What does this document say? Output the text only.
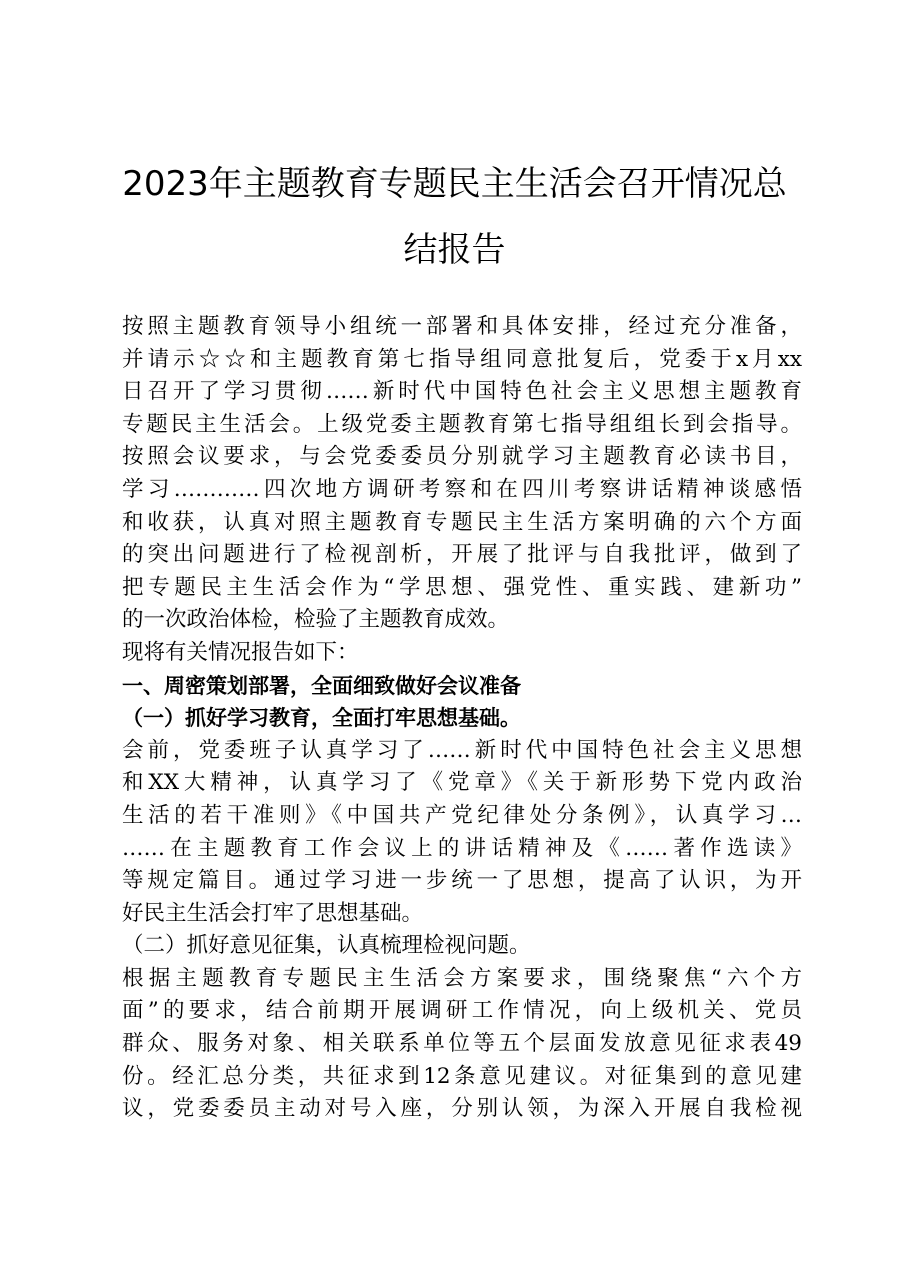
2023年主题教育专题民主生活会召开情况总
结报告
按照主题教育领导小组统一部署和具体安排，经过充分准备，
并请示☆☆和主题教育第七指导组同意批复后，党委于x月xx
日召开了学习贯彻……新时代中国特色社会主义思想主题教育
专题民主生活会。上级党委主题教育第七指导组组长到会指导。
按照会议要求，与会党委委员分别就学习主题教育必读书目，
学习…………四次地方调研考察和在四川考察讲话精神谈感悟
和收获，认真对照主题教育专题民主生活方案明确的六个方面
的突出问题进行了检视剖析，开展了批评与自我批评，做到了
把专题民主生活会作为“学思想、强党性、重实践、建新功”
的一次政治体检，检验了主题教育成效。
现将有关情况报告如下：
一、周密策划部署，全面细致做好会议准备
（一）抓好学习教育，全面打牢思想基础。
会前，党委班子认真学习了……新时代中国特色社会主义思想
和XX大精神，认真学习了《党章》《关于新形势下党内政治
生活的若干准则》《中国共产党纪律处分条例》，认真学习…
……在主题教育工作会议上的讲话精神及《……著作选读》
等规定篇目。通过学习进一步统一了思想，提高了认识，为开
好民主生活会打牢了思想基础。
（二）抓好意见征集，认真梳理检视问题。
根据主题教育专题民主生活会方案要求，围绕聚焦“六个方
面”的要求，结合前期开展调研工作情况，向上级机关、党员
群众、服务对象、相关联系单位等五个层面发放意见征求表49
份。经汇总分类，共征求到12条意见建议。对征集到的意见建
议，党委委员主动对号入座，分别认领，为深入开展自我检视
